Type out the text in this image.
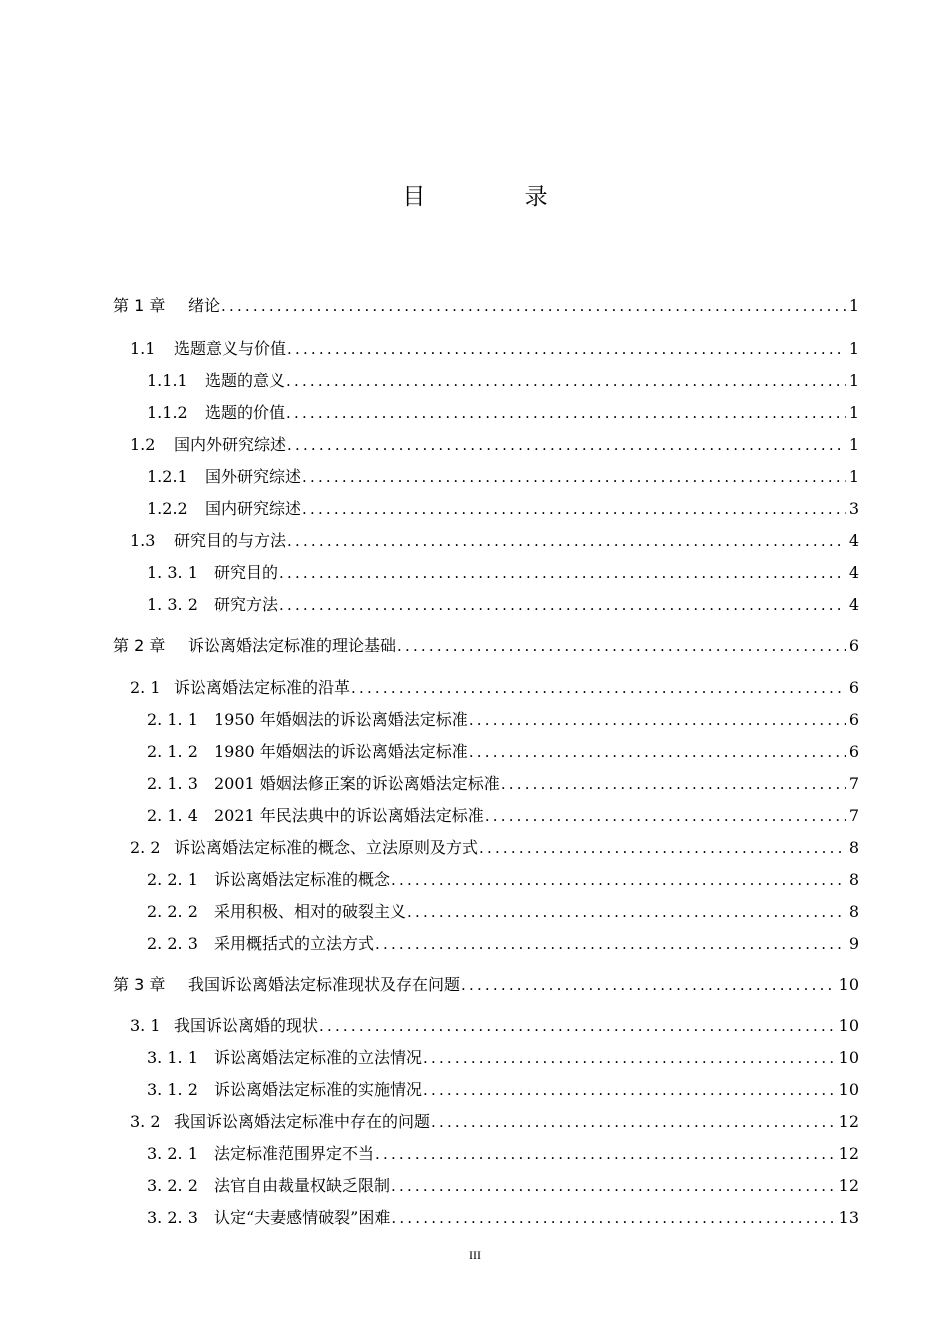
目 录
第 1 章	绪论 .....	1
1.1	选题意义与价值 .....	1
1.1.1	选题的意义 .....	1
1.1.2	选题的价值 .....	1
1.2	国内外研究综述 .....	1
1.2.1	国外研究综述 .....	1
1.2.2	国内研究综述 .....	3
1.3	研究目的与方法 .....	4
1. 3. 1	研究目的 .....	4
1. 3. 2	研究方法 .....	4
第 2 章	诉讼离婚法定标准的理论基础 .....	6
2. 1 诉讼离婚法定标准的沿革 .....	6
2. 1. 1	1950 年婚姻法的诉讼离婚法定标准 .....	6
2. 1. 2	1980 年婚姻法的诉讼离婚法定标准 .....	6
2. 1. 3	2001 婚姻法修正案的诉讼离婚法定标准 .....	7
2. 1. 4	2021 年民法典中的诉讼离婚法定标准 .....	7
2. 2 诉讼离婚法定标准的概念、立法原则及方式 .....	8
2. 2. 1	诉讼离婚法定标准的概念 .....	8
2. 2. 2	采用积极、相对的破裂主义 .....	8
2. 2. 3	采用概括式的立法方式 .....	9
第 3 章	我国诉讼离婚法定标准现状及存在问题 .....	10
3. 1 我国诉讼离婚的现状 .....	10
3. 1. 1	诉讼离婚法定标准的立法情况 .....	10
3. 1. 2	诉讼离婚法定标准的实施情况 .....	10
3. 2 我国诉讼离婚法定标准中存在的问题 .....	12
3. 2. 1	法定标准范围界定不当 .....	12
3. 2. 2	法官自由裁量权缺乏限制 .....	12
3. 2. 3	认定“夫妻感情破裂”困难 .....	13
III
